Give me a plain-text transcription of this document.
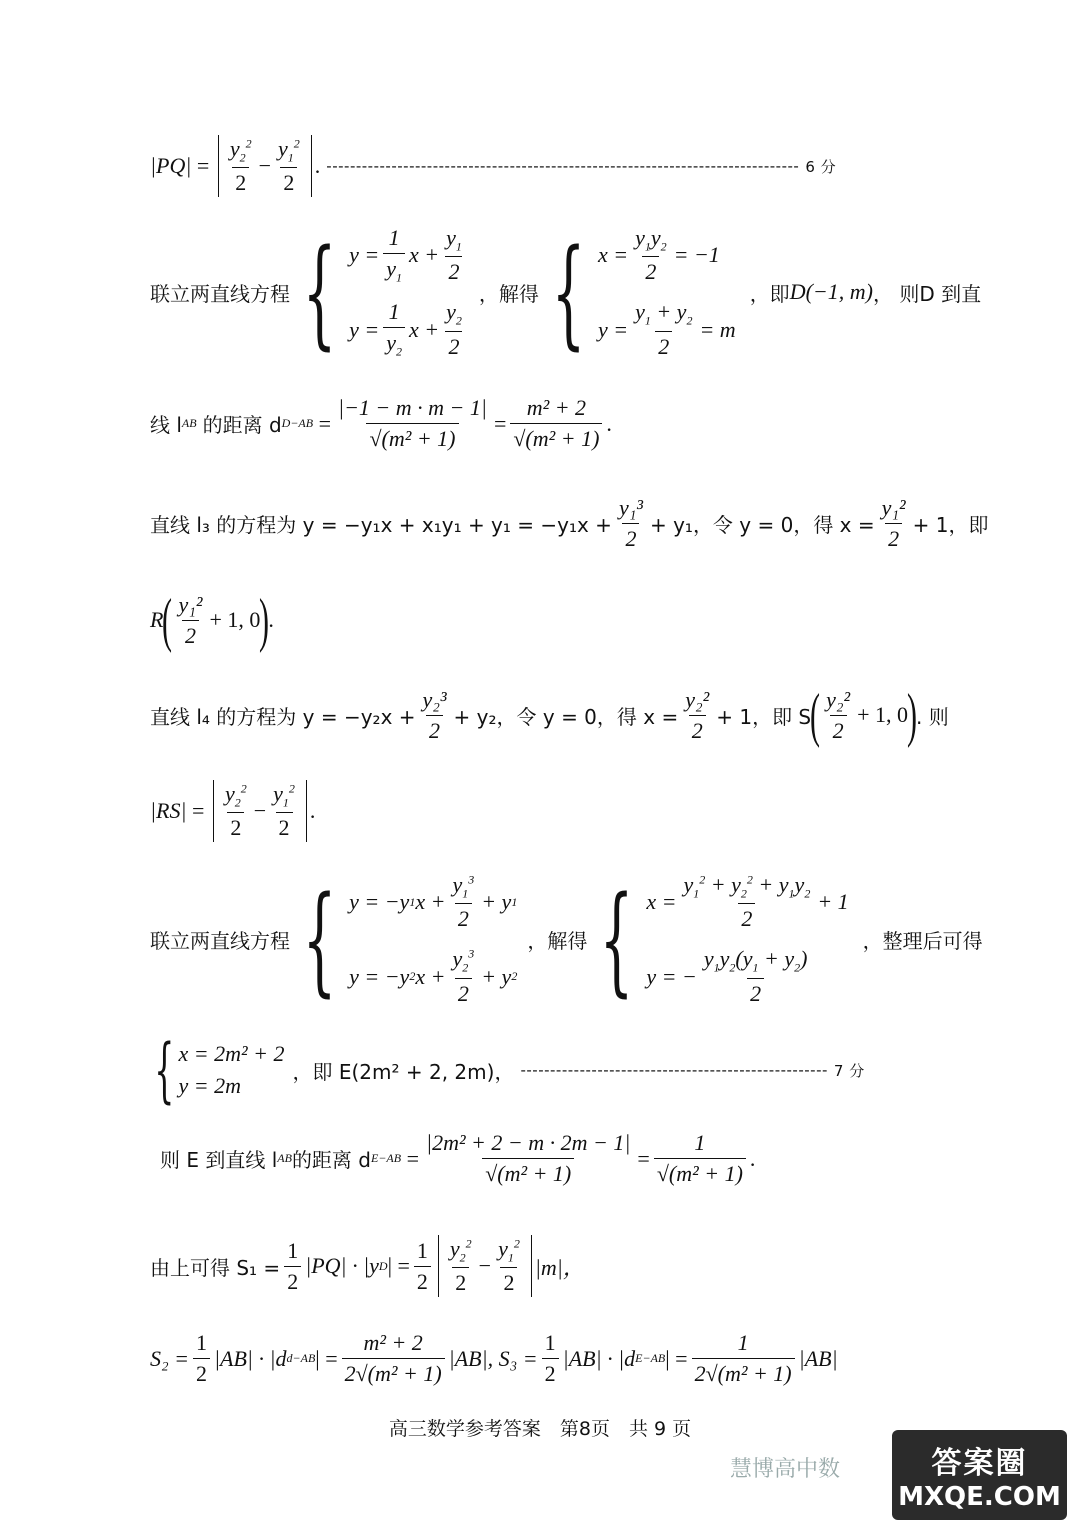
$|PQ| = \frac{y_2^2}{2} - \frac{y_1^2}{2}$ . -------------------------------------------------------------------------------- 6 分
联立两直线方程 { $y = \frac{1}{y_1}$ $x + \frac{y_1}{2}$
$y = \frac{1}{y_2}$ $x + \frac{y_2}{2}$
，解得 { $x = \frac{y_1y_2}{2} = -1$
$y = \frac{y_1 + y_2}{2} = m$
，即 D(−1, m) ， 则D 到直
线 l AB 的距离 d $D-AB = \frac{|-1 - m \cdot m - 1|}{\text{√(m² + 1)}} = \frac{\text{m² + 2}}{\text{√(m² + 1)}}$ .
直线 l₃ 的方程为 $y = -y_1x + x_1y_1 + y_1 = -y_1x + \frac{\text{y₁³}}{2} + y_1$，令 y = 0，得 $x = \frac{\text{y₁²}}{2} + 1$，即
R
( $\frac{\text{y₁²}}{2} + 1$, 0
)
.
直线 l₄ 的方程为 $y = -y_2x + \frac{\text{y₂³}}{2} + y_2$，令 y = 0，得 $x = \frac{\text{y₂²}}{2} + 1$，即 S
( $\frac{\text{y₂²}}{2} + 1$, 0
)
. 则
$|RS| = \frac{y_2^2}{2} - \frac{y_1^2}{2}$ .
联立两直线方程 { y = −y 1 $x + \frac{y_1^3}{2} + y$ 1
y = −y 2 $x + \frac{y_2^3}{2} + y$ 2
，解得 { $x = \frac{y_1^2 + y_2^2 + y_1y_2}{2} + 1$
y = − $\frac{y_1y_2(y_1 + y_2)}{2}$
，整理后可得
{ x = 2m² + 2
y = 2m
，即 E(2m² + 2, 2m)， ---------------------------------------------------- 7 分
则 E 到直线 l AB 的距离 d $E-AB = \frac{\text{|2m² + 2 − m · 2m − 1|}}{\text{√(m² + 1)}} = \frac{1}{\text{√(m² + 1)}}$ .
由上可得 $S_1 = \frac{1}{2} |PQ| \cdot |y$ D | = $\frac{1}{2} \frac{y_2^2}{2} - \frac{y_1^2}{2} |m|$，
$S_2 = \frac{1}{2} |AB| \cdot |d$ d−AB | = $\frac{\text{m² + 2}}{\text{2√(m² + 1)}} |AB|$, $S_3 = \frac{1}{2} |AB| \cdot |d$ E−AB | = $\frac{1}{\text{2√(m² + 1)}} |AB|$
高三数学参考答案　第8页　共 9 页
慧博高中数	答案圈
MXQE.COM
